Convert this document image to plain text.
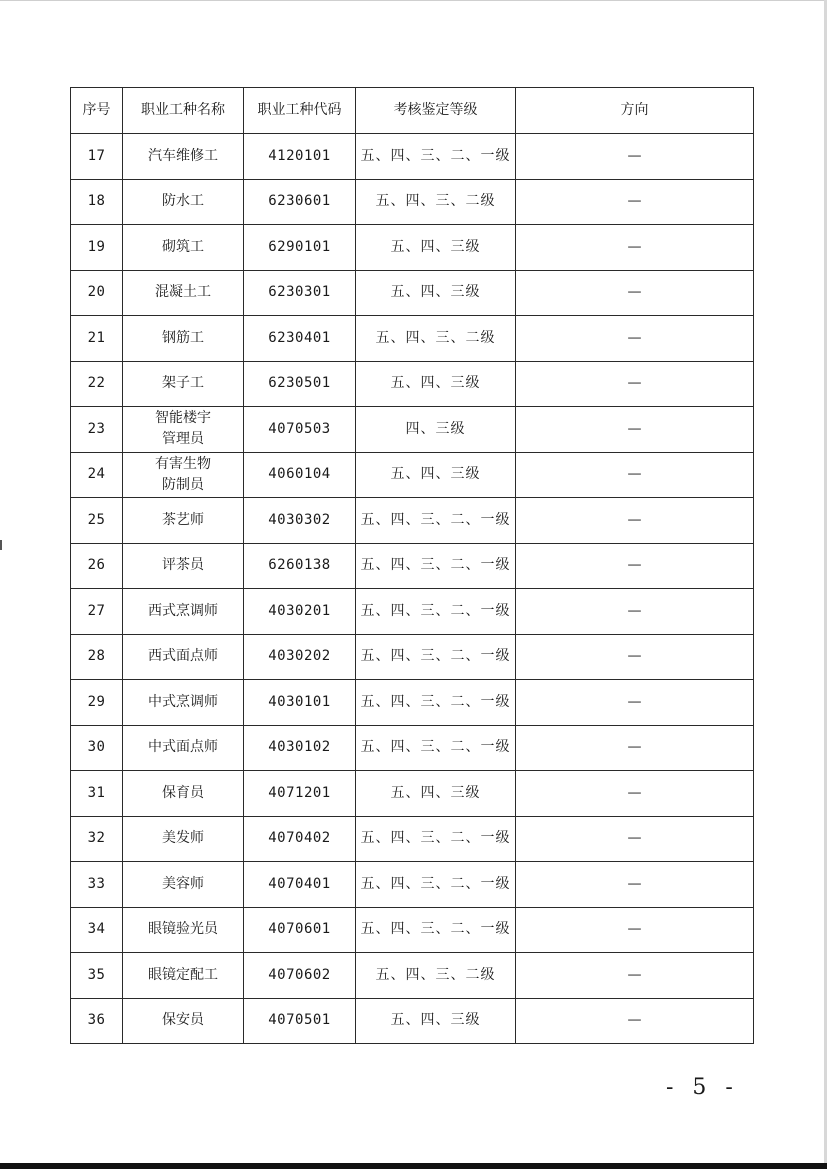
序号	职业工种名称	职业工种代码	考核鉴定等级	方向
17	汽车维修工	4120101	五、四、三、二、一级	—
18	防水工	6230601	五、四、三、二级	—
19	砌筑工	6290101	五、四、三级	—
20	混凝土工	6230301	五、四、三级	—
21	钢筋工	6230401	五、四、三、二级	—
22	架子工	6230501	五、四、三级	—
23	智能楼宇
管理员	4070503	四、三级	—
24	有害生物
防制员	4060104	五、四、三级	—
25	茶艺师	4030302	五、四、三、二、一级	—
26	评茶员	6260138	五、四、三、二、一级	—
27	西式烹调师	4030201	五、四、三、二、一级	—
28	西式面点师	4030202	五、四、三、二、一级	—
29	中式烹调师	4030101	五、四、三、二、一级	—
30	中式面点师	4030102	五、四、三、二、一级	—
31	保育员	4071201	五、四、三级	—
32	美发师	4070402	五、四、三、二、一级	—
33	美容师	4070401	五、四、三、二、一级	—
34	眼镜验光员	4070601	五、四、三、二、一级	—
35	眼镜定配工	4070602	五、四、三、二级	—
36	保安员	4070501	五、四、三级	—
- 5 -
